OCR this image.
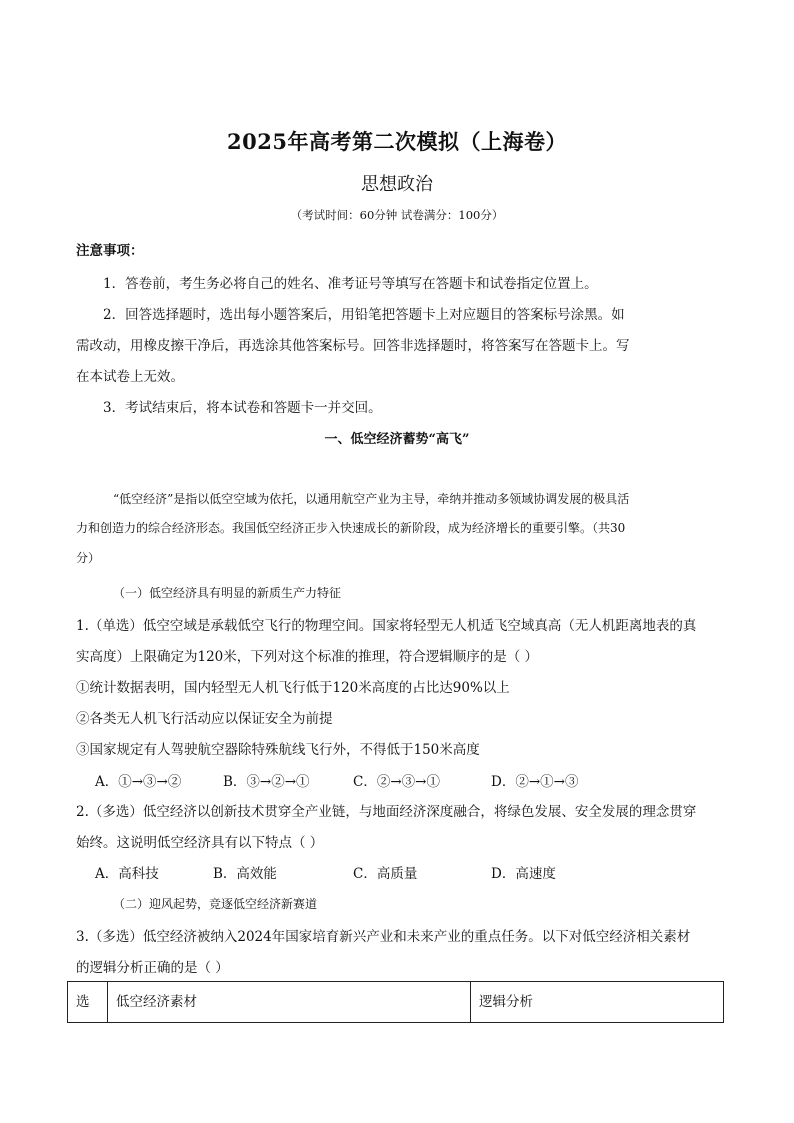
2025年高考第二次模拟（上海卷）
思想政治
（考试时间：60分钟 试卷满分：100分）
注意事项：
1．答卷前，考生务必将自己的姓名、准考证号等填写在答题卡和试卷指定位置上。
2．回答选择题时，选出每小题答案后，用铅笔把答题卡上对应题目的答案标号涂黑。如
需改动，用橡皮擦干净后，再选涂其他答案标号。回答非选择题时，将答案写在答题卡上。写
在本试卷上无效。
3．考试结束后，将本试卷和答题卡一并交回。
一、低空经济蓄势“高飞”
“低空经济”是指以低空空域为依托，以通用航空产业为主导，牵纳并推动多领域协调发展的极具活
力和创造力的综合经济形态。我国低空经济正步入快速成长的新阶段，成为经济增长的重要引擎。（共30
分）
（一）低空经济具有明显的新质生产力特征
1.（单选）低空空域是承载低空飞行的物理空间。国家将轻型无人机适飞空域真高（无人机距离地表的真
实高度）上限确定为120米，下列对这个标准的推理，符合逻辑顺序的是（ ）
①统计数据表明，国内轻型无人机飞行低于120米高度的占比达90%以上
②各类无人机飞行活动应以保证安全为前提
③国家规定有人驾驶航空器除特殊航线飞行外，不得低于150米高度
A．①→③→②	B．③→②→①	C．②→③→①	D．②→①→③
2.（多选）低空经济以创新技术贯穿全产业链，与地面经济深度融合，将绿色发展、安全发展的理念贯穿
始终。这说明低空经济具有以下特点（ ）
A．高科技	B．高效能	C．高质量	D．高速度
（二）迎风起势，竞逐低空经济新赛道
3.（多选）低空经济被纳入2024年国家培育新兴产业和未来产业的重点任务。以下对低空经济相关素材
的逻辑分析正确的是（ ）
选	低空经济素材	逻辑分析
